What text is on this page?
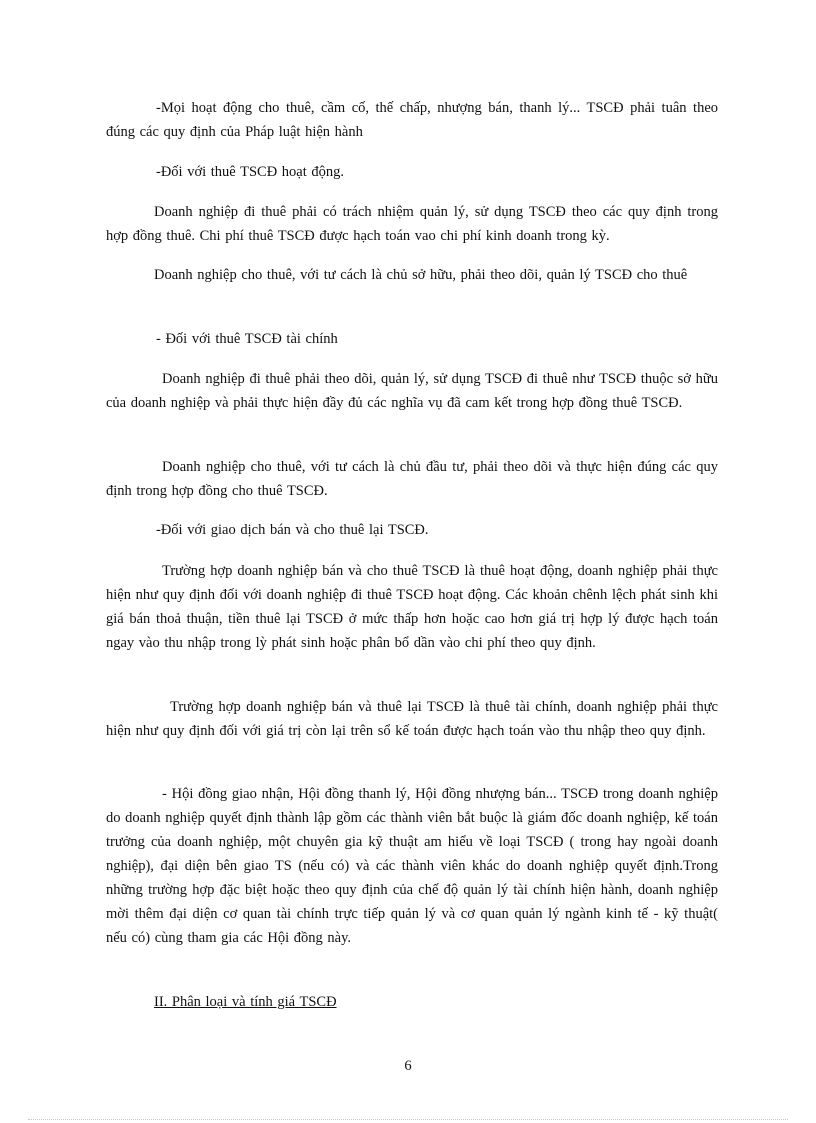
-Mọi hoạt động cho thuê, cầm cố, thế chấp, nhượng bán, thanh lý... TSCĐ phải tuân theo đúng các quy định của Pháp luật hiện hành

-Đối với thuê TSCĐ hoạt động.

Doanh nghiệp đi thuê phải có trách nhiệm quản lý, sử dụng TSCĐ theo các quy định trong hợp đồng thuê. Chi phí thuê TSCĐ được hạch toán vao chi phí kinh doanh trong kỳ.

Doanh nghiệp cho thuê, với tư cách là chủ sở hữu, phải theo dõi, quản lý TSCĐ cho thuê

- Đối với thuê TSCĐ tài chính

Doanh nghiệp đi thuê phải theo dõi, quản lý, sử dụng TSCĐ đi thuê như TSCĐ thuộc sở hữu của doanh nghiệp và phải thực hiện đầy đủ các nghĩa vụ đã cam kết trong hợp đồng thuê TSCĐ.

Doanh nghiệp cho thuê, với tư cách là chủ đầu tư, phải theo dõi và thực hiện đúng các quy định trong hợp đồng cho thuê TSCĐ.

-Đối với giao dịch bán và cho thuê lại TSCĐ.

Trường hợp doanh nghiệp bán và cho thuê TSCĐ là thuê hoạt động, doanh nghiệp phải thực hiện như quy định đối với doanh nghiệp đi thuê TSCĐ hoạt động. Các khoản chênh lệch phát sinh khi giá bán thoả thuận, tiền thuê lại TSCĐ ở mức thấp hơn hoặc cao hơn giá trị hợp lý được hạch toán ngay vào thu nhập trong lỳ phát sinh hoặc phân bổ dần vào chi phí theo quy định.

Trường hợp doanh nghiệp bán và thuê lại TSCĐ là thuê tài chính, doanh nghiệp phải thực hiện như quy định đối với giá trị còn lại trên sổ kế toán được hạch toán vào thu nhập theo quy định.

- Hội đồng giao nhận, Hội đồng thanh lý, Hội đồng nhượng bán... TSCĐ trong doanh nghiệp do doanh nghiệp quyết định thành lập gồm các thành viên bắt buộc là giám đốc doanh nghiệp, kế toán trưởng của doanh nghiệp, một chuyên gia kỹ thuật am hiểu về loại TSCĐ ( trong hay ngoài doanh nghiệp), đại diện bên giao TS (nếu có) và các thành viên khác do doanh nghiệp quyết định.Trong những trường hợp đặc biệt hoặc theo quy định của chế độ quản lý tài chính hiện hành, doanh nghiệp mời thêm đại diện cơ quan tài chính trực tiếp quản lý và cơ quan quản lý ngành kinh tế - kỹ thuật( nếu có) cùng tham gia các Hội đồng này.

II. Phân loại và tính giá TSCĐ

6
